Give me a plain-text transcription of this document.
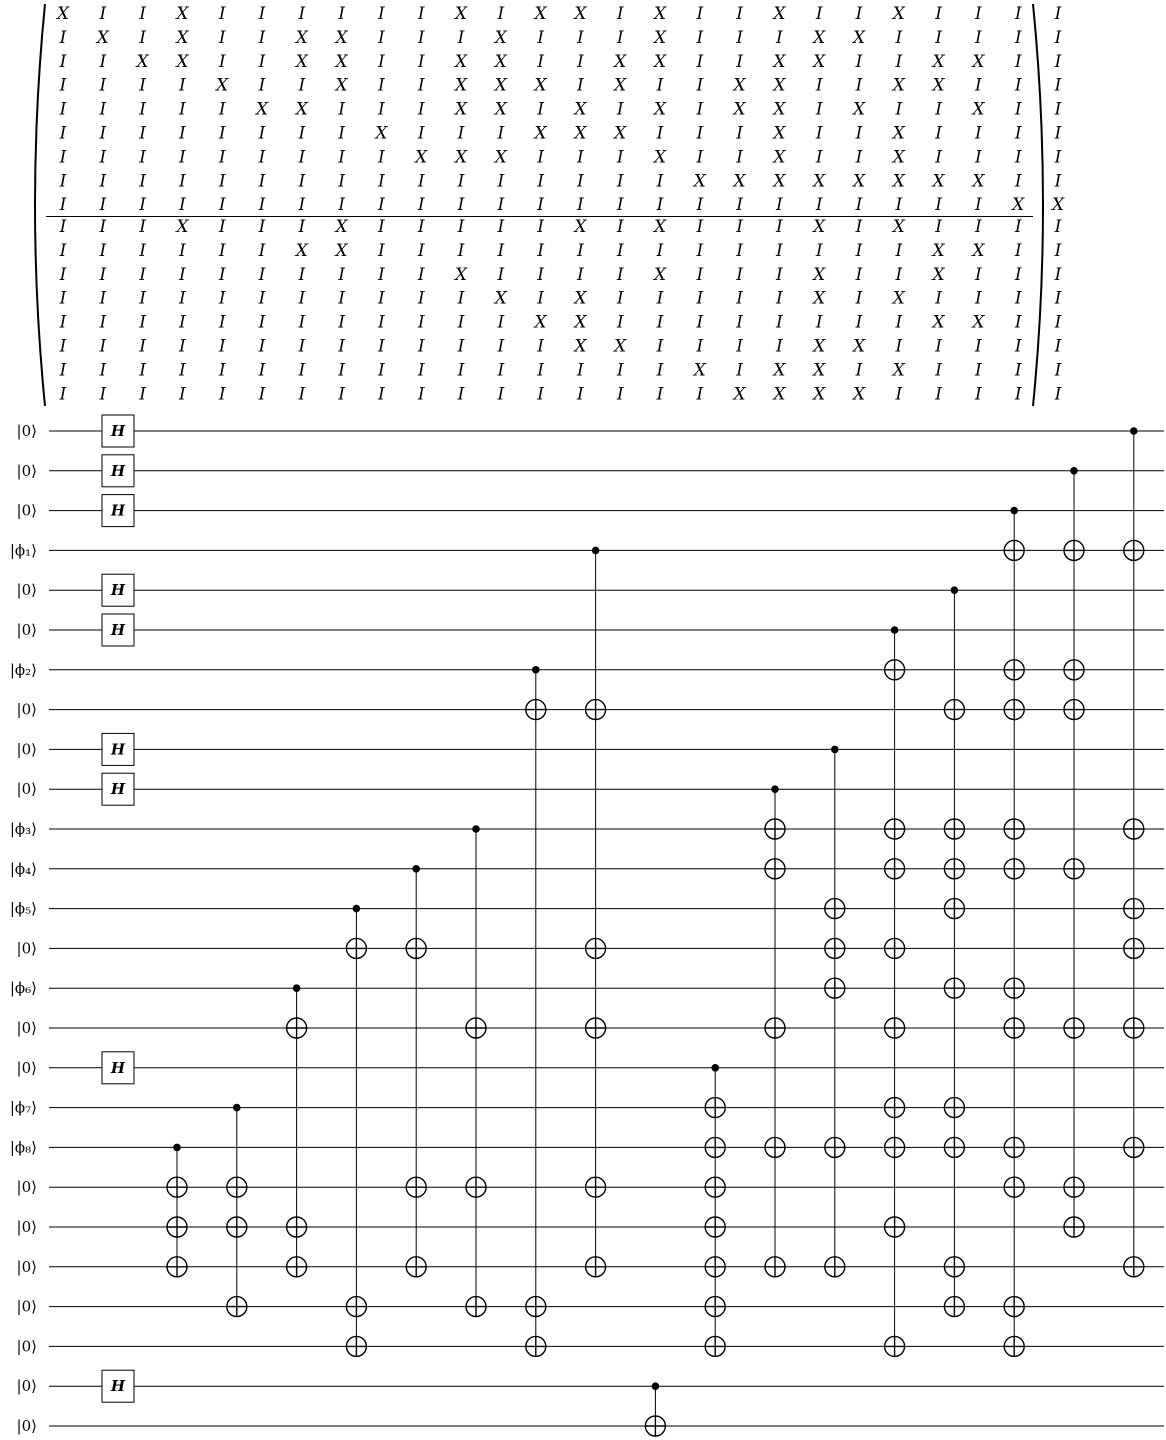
X I I X I I I I I I X I X X I X I I X I I X I I I I
I X I X I I X X I I I X I I I X I I I X X I I I I I
I I X X I I X X I I X X I I X X I I X X I I X X I I
I I I I X I I X I I X X X I X I I X X I I X X I I I
I I I I I X X I I I X X I X I X I X X I X I I X I I
I I I I I I I I X I I I X X X I I I X I I X I I I I
I I I I I I I I I X X X I I I X I I X I I X I I I I
I I I I I I I I I I I I I I I I X X X X X X X X I I
I I I I I I I I I I I I I I I I I I I I I I I I X X
I I I X I I I X I I I I I X I X I I I X I X I I I I
I I I I I I X X I I I I I I I I I I I I I I X X I I
I I I I I I I I I I X I I I I X I I I X I I X I I I
I I I I I I I I I I I X I X I I I I I X I X I I I I
I I I I I I I I I I I I X X I I I I I I I I X X I I
I I I I I I I I I I I I I X X I I I I X X I I I I I
I I I I I I I I I I I I I I I I X I X X I X I I I I
I I I I I I I I I I I I I I I I I X X X X I I I I I
H
H
H
H
H
H
H
H
H
|0⟩
|0⟩
|0⟩
|ϕ₁⟩
|0⟩
|0⟩
|ϕ₂⟩
|0⟩
|0⟩
|0⟩
|ϕ₃⟩
|ϕ₄⟩
|ϕ₅⟩
|0⟩
|ϕ₆⟩
|0⟩
|0⟩
|ϕ₇⟩
|ϕ₈⟩
|0⟩
|0⟩
|0⟩
|0⟩
|0⟩
|0⟩
|0⟩
